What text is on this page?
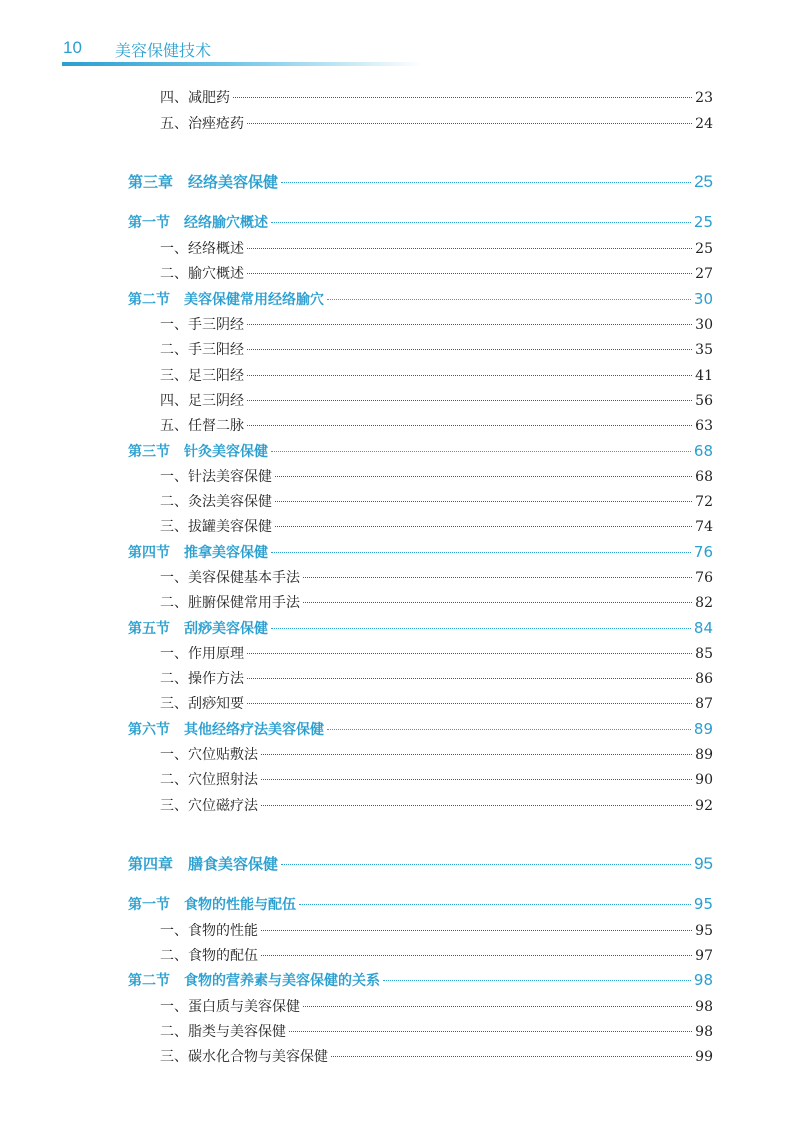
10 美容保健技术
四、减肥药	23
五、治痤疮药	24
第三章　经络美容保健	25
第一节　经络腧穴概述	25
一、经络概述	25
二、腧穴概述	27
第二节　美容保健常用经络腧穴	30
一、手三阴经	30
二、手三阳经	35
三、足三阳经	41
四、足三阴经	56
五、任督二脉	63
第三节　针灸美容保健	68
一、针法美容保健	68
二、灸法美容保健	72
三、拔罐美容保健	74
第四节　推拿美容保健	76
一、美容保健基本手法	76
二、脏腑保健常用手法	82
第五节　刮痧美容保健	84
一、作用原理	85
二、操作方法	86
三、刮痧知要	87
第六节　其他经络疗法美容保健	89
一、穴位贴敷法	89
二、穴位照射法	90
三、穴位磁疗法	92
第四章　膳食美容保健	95
第一节　食物的性能与配伍	95
一、食物的性能	95
二、食物的配伍	97
第二节　食物的营养素与美容保健的关系	98
一、蛋白质与美容保健	98
二、脂类与美容保健	98
三、碳水化合物与美容保健	99
